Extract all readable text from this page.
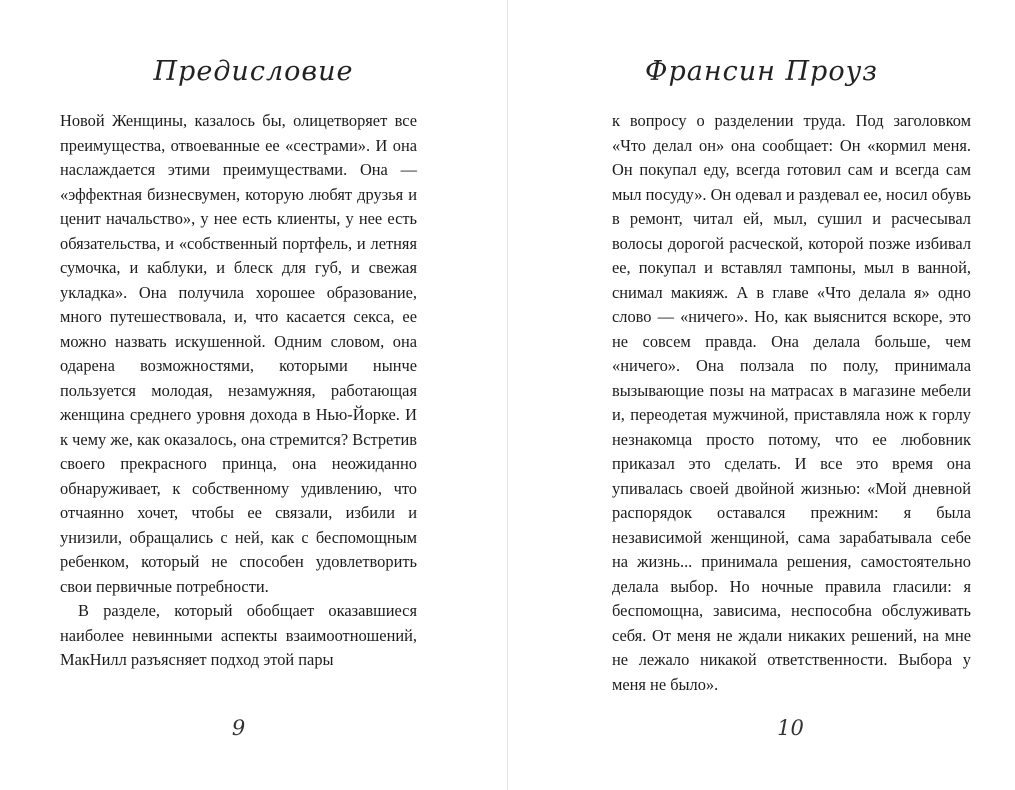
Предисловие

Новой Женщины, казалось бы, олицетворяет все преимущества, отвоеванные ее «сестрами». И она наслаждается этими преимуществами. Она — «эффектная бизнесвумен, которую любят друзья и ценит начальство», у нее есть клиенты, у нее есть обязательства, и «собственный портфель, и летняя сумочка, и каблуки, и блеск для губ, и свежая укладка». Она получила хорошее образование, много путешествовала, и, что касается секса, ее можно назвать искушенной. Одним словом, она одарена возможностями, которыми нынче пользуется молодая, незамужняя, работающая женщина среднего уровня дохода в Нью-Йорке. И к чему же, как оказалось, она стремится? Встретив своего прекрасного принца, она неожиданно обнаруживает, к собственному удивлению, что отчаянно хочет, чтобы ее связали, избили и унизили, обращались с ней, как с беспомощным ребенком, который не способен удовлетворить свои первичные потребности.

В разделе, который обобщает оказавшиеся наиболее невинными аспекты взаимоотношений, МакНилл разъясняет подход этой пары

9
Франсин Проуз

к вопросу о разделении труда. Под заголовком «Что делал он» она сообщает: Он «кормил меня. Он покупал еду, всегда готовил сам и всегда сам мыл посуду». Он одевал и раздевал ее, носил обувь в ремонт, читал ей, мыл, сушил и расчесывал волосы дорогой расческой, которой позже избивал ее, покупал и вставлял тампоны, мыл в ванной, снимал макияж. А в главе «Что делала я» одно слово — «ничего». Но, как выяснится вскоре, это не совсем правда. Она делала больше, чем «ничего». Она ползала по полу, принимала вызывающие позы на матрасах в магазине мебели и, переодетая мужчиной, приставляла нож к горлу незнакомца просто потому, что ее любовник приказал это сделать. И все это время она упивалась своей двойной жизнью: «Мой дневной распорядок оставался прежним: я была независимой женщиной, сама зарабатывала себе на жизнь... принимала решения, самостоятельно делала выбор. Но ночные правила гласили: я беспомощна, зависима, неспособна обслуживать себя. От меня не ждали никаких решений, на мне не лежало никакой ответственности. Выбора у меня не было».

10
